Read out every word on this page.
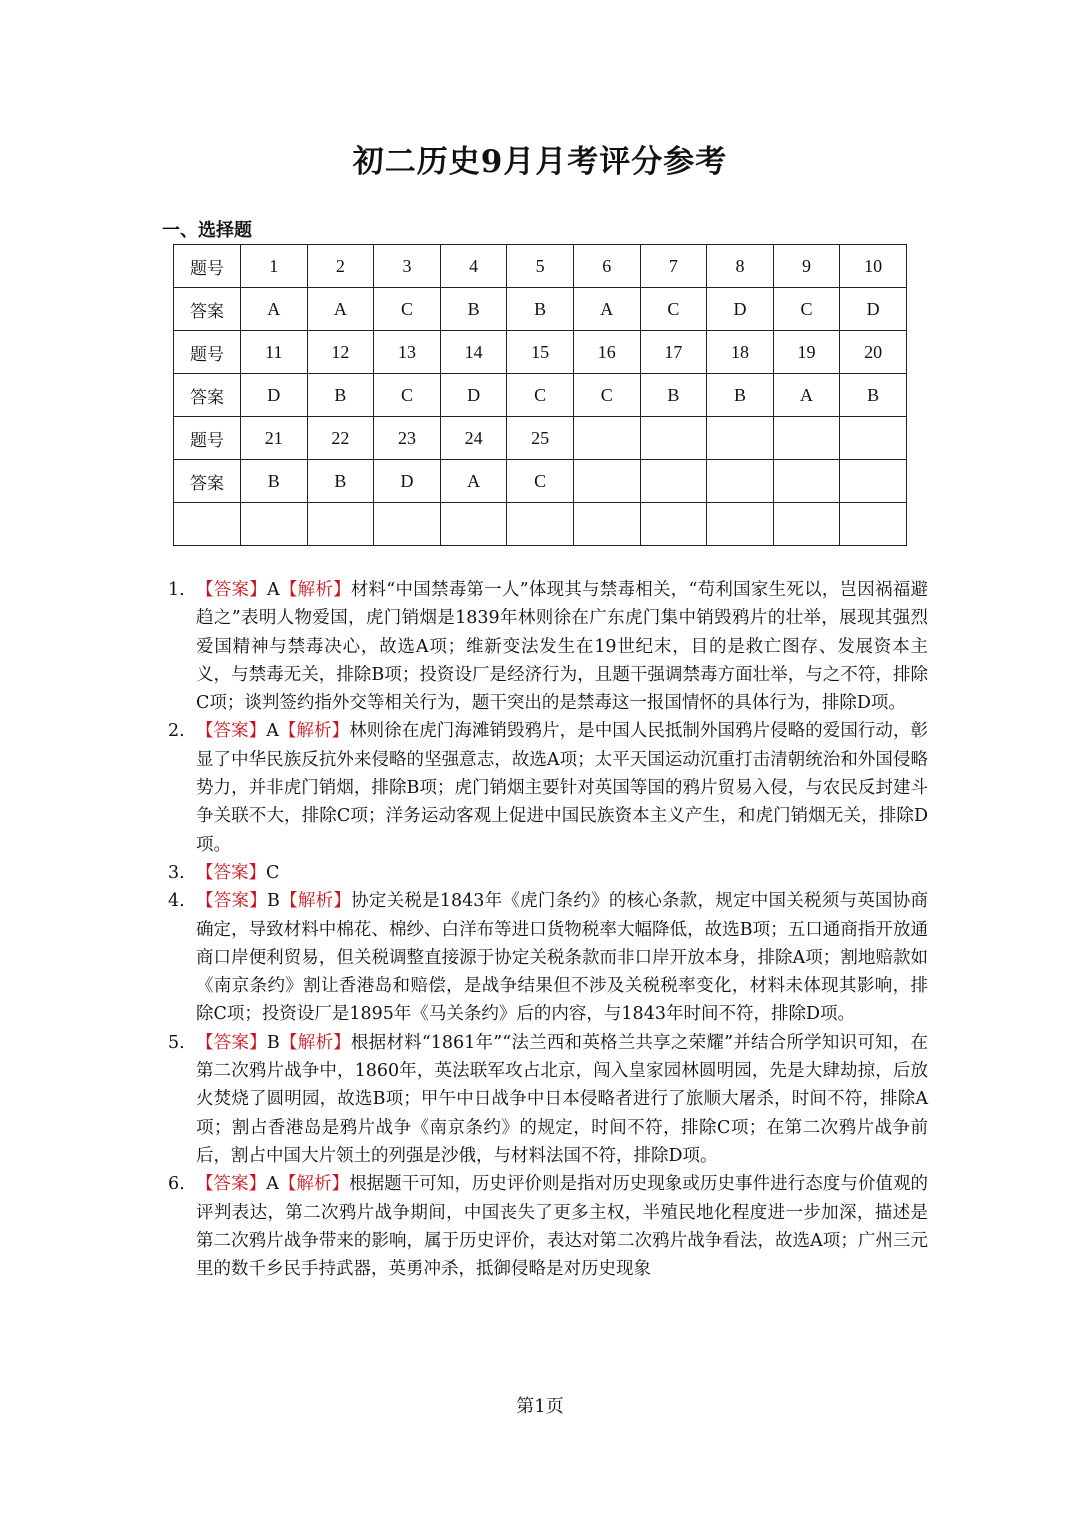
初二历史9月月考评分参考
一、选择题
题号	1	2	3	4	5	6	7	8	9	10
答案	A	A	C	B	B	A	C	D	C	D
题号	11	12	13	14	15	16	17	18	19	20
答案	D	B	C	D	C	C	B	B	A	B
题号	21	22	23	24	25					
答案	B	B	D	A	C					

1. 【答案】A【解析】材料“中国禁毒第一人”体现其与禁毒相关，“苟利国家生死以，岂因祸福避趋之”表明人物爱国，虎门销烟是1839年林则徐在广东虎门集中销毁鸦片的壮举，展现其强烈爱国精神与禁毒决心，故选A项；维新变法发生在19世纪末，目的是救亡图存、发展资本主义，与禁毒无关，排除B项；投资设厂是经济行为，且题干强调禁毒方面壮举，与之不符，排除C项；谈判签约指外交等相关行为，题干突出的是禁毒这一报国情怀的具体行为，排除D项。
2. 【答案】A【解析】林则徐在虎门海滩销毁鸦片，是中国人民抵制外国鸦片侵略的爱国行动，彰显了中华民族反抗外来侵略的坚强意志，故选A项；太平天国运动沉重打击清朝统治和外国侵略势力，并非虎门销烟，排除B项；虎门销烟主要针对英国等国的鸦片贸易入侵，与农民反封建斗争关联不大，排除C项；洋务运动客观上促进中国民族资本主义产生，和虎门销烟无关，排除D项。
3. 【答案】C
4. 【答案】B【解析】协定关税是1843年《虎门条约》的核心条款，规定中国关税须与英国协商确定，导致材料中棉花、棉纱、白洋布等进口货物税率大幅降低，故选B项；五口通商指开放通商口岸便利贸易，但关税调整直接源于协定关税条款而非口岸开放本身，排除A项；割地赔款如《南京条约》割让香港岛和赔偿，是战争结果但不涉及关税税率变化，材料未体现其影响，排除C项；投资设厂是1895年《马关条约》后的内容，与1843年时间不符，排除D项。
5. 【答案】B【解析】根据材料“1861年”“法兰西和英格兰共享之荣耀”并结合所学知识可知，在第二次鸦片战争中，1860年，英法联军攻占北京，闯入皇家园林圆明园，先是大肆劫掠，后放火焚烧了圆明园，故选B项；甲午中日战争中日本侵略者进行了旅顺大屠杀，时间不符，排除A项；割占香港岛是鸦片战争《南京条约》的规定，时间不符，排除C项；在第二次鸦片战争前后，割占中国大片领土的列强是沙俄，与材料法国不符，排除D项。
6. 【答案】A【解析】根据题干可知，历史评价则是指对历史现象或历史事件进行态度与价值观的评判表达，第二次鸦片战争期间，中国丧失了更多主权，半殖民地化程度进一步加深，描述是第二次鸦片战争带来的影响，属于历史评价，表达对第二次鸦片战争看法，故选A项；广州三元里的数千乡民手持武器，英勇冲杀，抵御侵略是对历史现象
第1页
